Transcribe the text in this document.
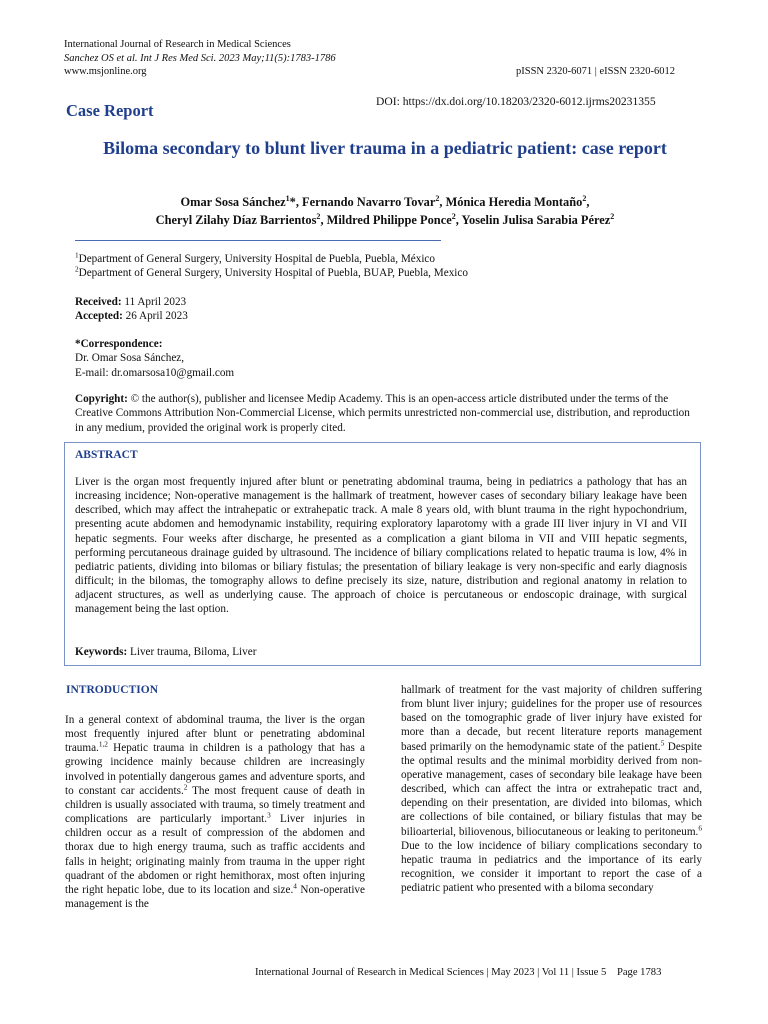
International Journal of Research in Medical Sciences
Sanchez OS et al. Int J Res Med Sci. 2023 May;11(5):1783-1786
www.msjonline.org	pISSN 2320-6071 | eISSN 2320-6012
Case Report	DOI: https://dx.doi.org/10.18203/2320-6012.ijrms20231355
Biloma secondary to blunt liver trauma in a pediatric patient: case report
Omar Sosa Sánchez$^1$*, Fernando Navarro Tovar$^2$, Mónica Heredia Montaño$^2$,
Cheryl Zilahy Díaz Barrientos$^2$, Mildred Philippe Ponce$^2$, Yoselin Julisa Sarabia Pérez$^2$
$^1$Department of General Surgery, University Hospital de Puebla, Puebla, México
$^2$Department of General Surgery, University Hospital of Puebla, BUAP, Puebla, Mexico
Received: 11 April 2023
Accepted: 26 April 2023
*Correspondence:
Dr. Omar Sosa Sánchez,
E-mail: dr.omarsosa10@gmail.com
Copyright: © the author(s), publisher and licensee Medip Academy. This is an open-access article distributed under the terms of the Creative Commons Attribution Non-Commercial License, which permits unrestricted non-commercial use, distribution, and reproduction in any medium, provided the original work is properly cited.
ABSTRACT
Liver is the organ most frequently injured after blunt or penetrating abdominal trauma, being in pediatrics a pathology that has an increasing incidence; Non-operative management is the hallmark of treatment, however cases of secondary biliary leakage have been described, which may affect the intrahepatic or extrahepatic track. A male 8 years old, with blunt trauma in the right hypochondrium, presenting acute abdomen and hemodynamic instability, requiring exploratory laparotomy with a grade III liver injury in VI and VII hepatic segments. Four weeks after discharge, he presented as a complication a giant biloma in VII and VIII hepatic segments, performing percutaneous drainage guided by ultrasound. The incidence of biliary complications related to hepatic trauma is low, 4% in pediatric patients, dividing into bilomas or biliary fistulas; the presentation of biliary leakage is very non-specific and early diagnosis difficult; in the bilomas, the tomography allows to define precisely its size, nature, distribution and regional anatomy in relation to adjacent structures, as well as underlying cause. The approach of choice is percutaneous or endoscopic drainage, with surgical management being the last option.
Keywords: Liver trauma, Biloma, Liver
INTRODUCTION
In a general context of abdominal trauma, the liver is the organ most frequently injured after blunt or penetrating abdominal trauma.$^{1,2}$ Hepatic trauma in children is a pathology that has a growing incidence mainly because children are increasingly involved in potentially dangerous games and adventure sports, and to constant car accidents.$^2$ The most frequent cause of death in children is usually associated with trauma, so timely treatment and complications are particularly important.$^3$ Liver injuries in children occur as a result of compression of the abdomen and thorax due to high energy trauma, such as traffic accidents and falls in height; originating mainly from trauma in the upper right quadrant of the abdomen or right hemithorax, most often injuring the right hepatic lobe, due to its location and size.$^4$ Non-operative management is the
hallmark of treatment for the vast majority of children suffering from blunt liver injury; guidelines for the proper use of resources based on the tomographic grade of liver injury have existed for more than a decade, but recent literature reports management based primarily on the hemodynamic state of the patient.$^5$ Despite the optimal results and the minimal morbidity derived from non-operative management, cases of secondary bile leakage have been described, which can affect the intra or extrahepatic tract and, depending on their presentation, are divided into bilomas, which are collections of bile contained, or biliary fistulas that may be bilioarterial, biliovenous, biliocutaneous or leaking to peritoneum.$^6$ Due to the low incidence of biliary complications secondary to hepatic trauma in pediatrics and the importance of its early recognition, we consider it important to report the case of a pediatric patient who presented with a biloma secondary
International Journal of Research in Medical Sciences | May 2023 | Vol 11 | Issue 5 Page 1783
